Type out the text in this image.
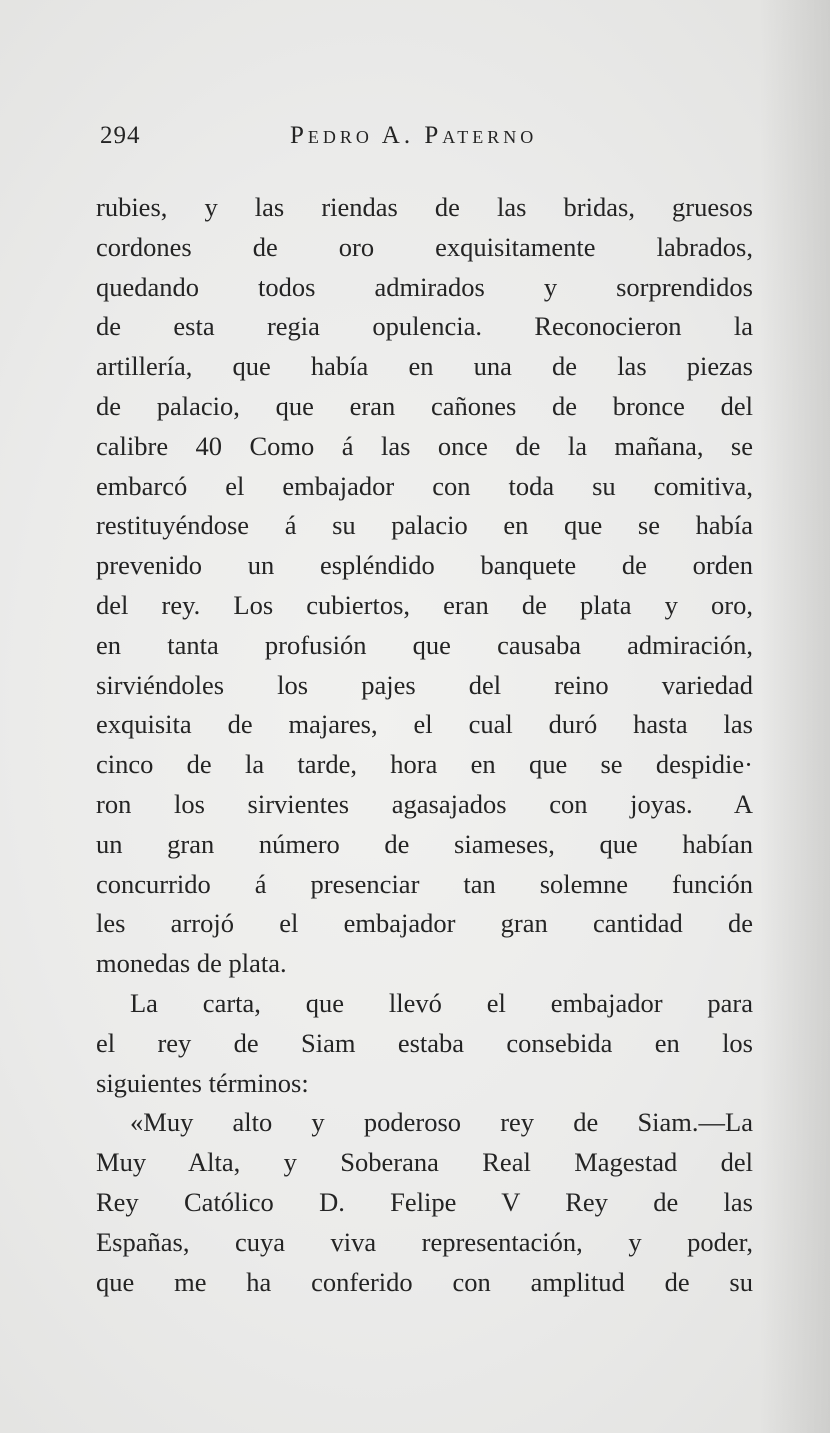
294	Pedro A. Paterno
rubies, y las riendas de las bridas, gruesos
cordones de oro exquisitamente labrados,
quedando todos admirados y sorprendidos
de esta regia opulencia. Reconocieron la
artillería, que había en una de las piezas
de palacio, que eran cañones de bronce del
calibre 40 Como á las once de la mañana, se
embarcó el embajador con toda su comitiva,
restituyéndose á su palacio en que se había
prevenido un espléndido banquete de orden
del rey. Los cubiertos, eran de plata y oro,
en tanta profusión que causaba admiración,
sirviéndoles los pajes del reino variedad
exquisita de majares, el cual duró hasta las
cinco de la tarde, hora en que se despidie·
ron los sirvientes agasajados con joyas. A
un gran número de siameses, que habían
concurrido á presenciar tan solemne función
les arrojó el embajador gran cantidad de
monedas de plata.
La carta, que llevó el embajador para
el rey de Siam estaba consebida en los
siguientes términos:
«Muy alto y poderoso rey de Siam.—La
Muy Alta, y Soberana Real Magestad del
Rey Católico D. Felipe V Rey de las
Españas, cuya viva representación, y poder,
que me ha conferido con amplitud de su
